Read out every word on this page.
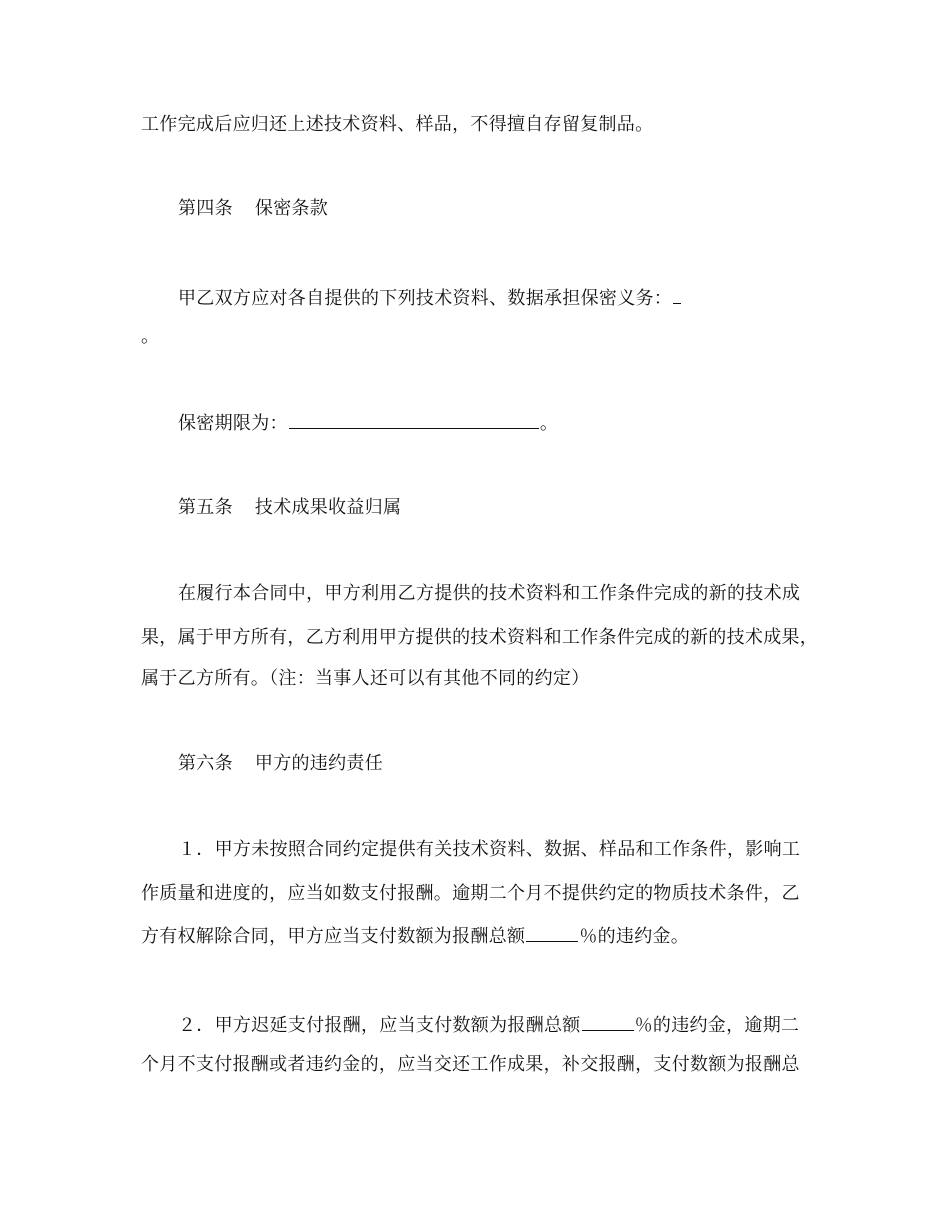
工作完成后应归还上述技术资料、样品，不得擅自存留复制品。
第四条 保密条款
甲乙双方应对各自提供的下列技术资料、数据承担保密义务：
。
保密期限为：	。
第五条 技术成果收益归属
在履行本合同中，甲方利用乙方提供的技术资料和工作条件完成的新的技术成
果，属于甲方所有，乙方利用甲方提供的技术资料和工作条件完成的新的技术成果，
属于乙方所有。（注：当事人还可以有其他不同的约定）
第六条 甲方的违约责任
１．甲方未按照合同约定提供有关技术资料、数据、样品和工作条件，影响工
作质量和进度的，应当如数支付报酬。逾期二个月不提供约定的物质技术条件，乙
方有权解除合同，甲方应当支付数额为报酬总额	％的违约金。
２．甲方迟延支付报酬，应当支付数额为报酬总额	％的违约金，逾期二
个月不支付报酬或者违约金的，应当交还工作成果，补交报酬，支付数额为报酬总
